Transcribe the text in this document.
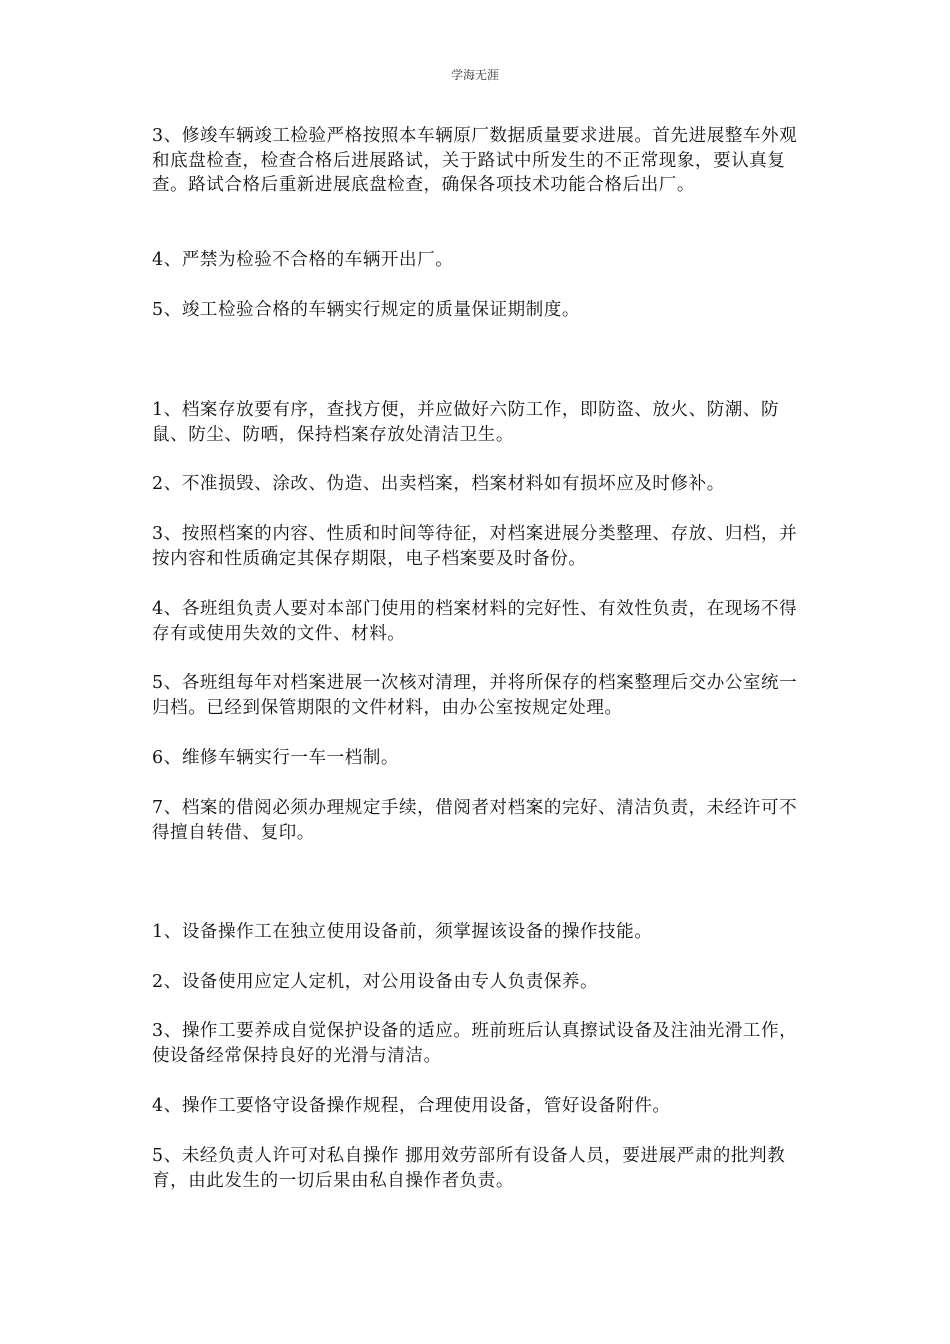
学海无涯

3、修竣车辆竣工检验严格按照本车辆原厂数据质量要求进展。首先进展整车外观和底盘检查，检查合格后进展路试，关于路试中所发生的不正常现象，要认真复查。路试合格后重新进展底盘检查，确保各项技术功能合格后出厂。

4、严禁为检验不合格的车辆开出厂。

5、竣工检验合格的车辆实行规定的质量保证期制度。

1、档案存放要有序，查找方便，并应做好六防工作，即防盗、放火、防潮、防鼠、防尘、防晒，保持档案存放处清洁卫生。

2、不准损毁、涂改、伪造、出卖档案，档案材料如有损坏应及时修补。

3、按照档案的内容、性质和时间等待征，对档案进展分类整理、存放、归档，并按内容和性质确定其保存期限，电子档案要及时备份。

4、各班组负责人要对本部门使用的档案材料的完好性、有效性负责，在现场不得存有或使用失效的文件、材料。

5、各班组每年对档案进展一次核对清理，并将所保存的档案整理后交办公室统一归档。已经到保管期限的文件材料，由办公室按规定处理。

6、维修车辆实行一车一档制。

7、档案的借阅必须办理规定手续，借阅者对档案的完好、清洁负责，未经许可不得擅自转借、复印。

1、设备操作工在独立使用设备前，须掌握该设备的操作技能。

2、设备使用应定人定机，对公用设备由专人负责保养。

3、操作工要养成自觉保护设备的适应。班前班后认真擦试设备及注油光滑工作，使设备经常保持良好的光滑与清洁。

4、操作工要恪守设备操作规程，合理使用设备，管好设备附件。

5、未经负责人许可对私自操作 挪用效劳部所有设备人员，要进展严肃的批判教育，由此发生的一切后果由私自操作者负责。
